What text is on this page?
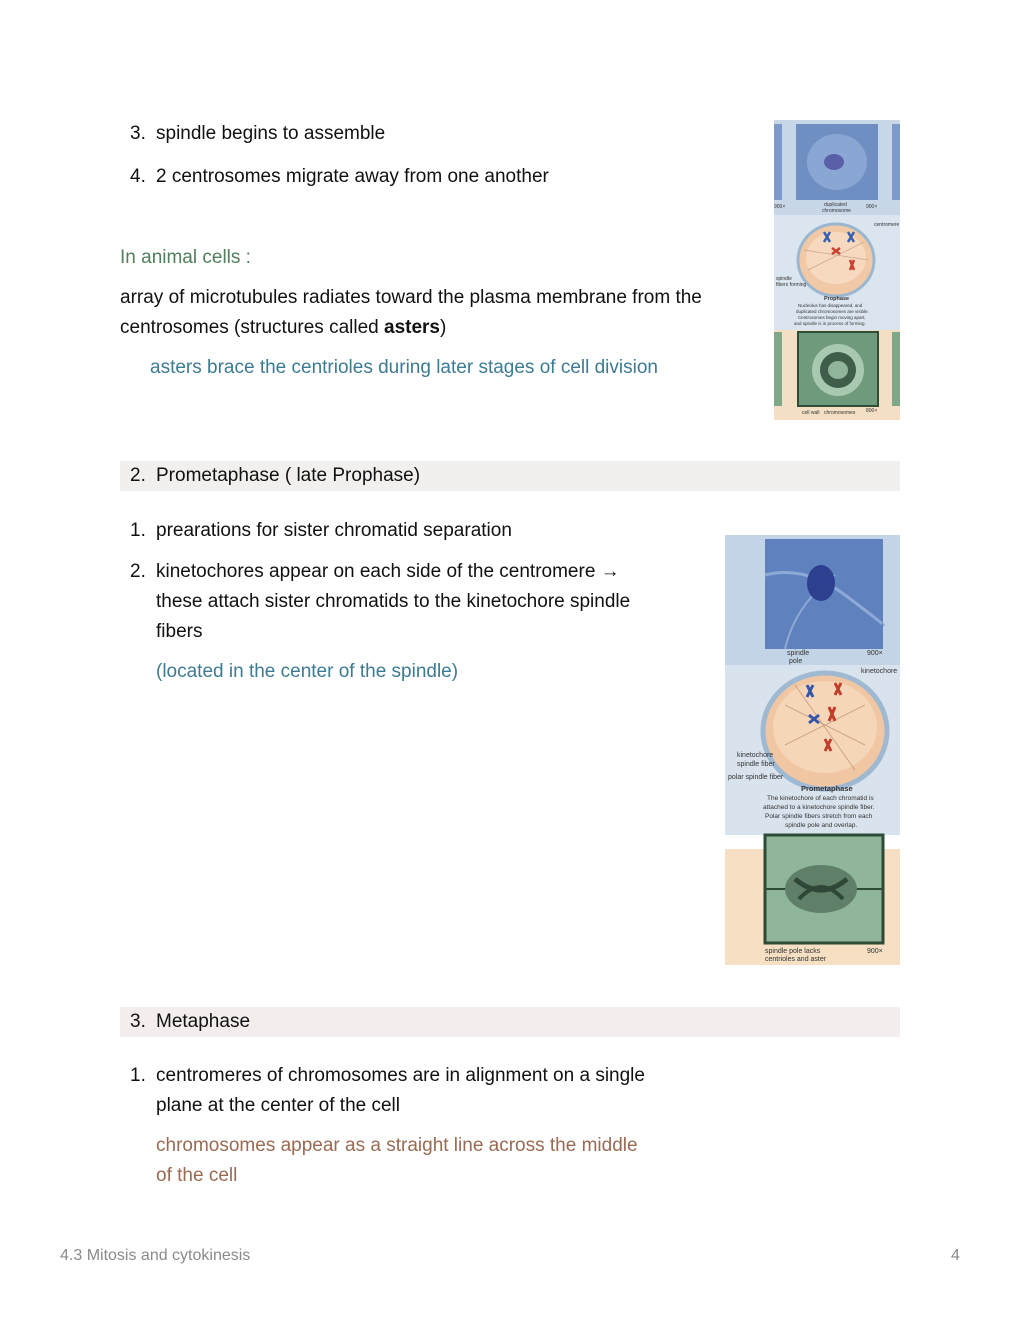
3. spindle begins to assemble
4. 2 centrosomes migrate away from one another
In animal cells :
array of microtubules radiates toward the plasma membrane from the
centrosomes (structures called asters)
asters brace the centrioles during later stages of cell division
900×	duplicated
chromosome
900×
centromere
spindle
fibers forming
Prophase
Nucleolus has disappeared, and
duplicated chromosomes are visible.
Centrosomes begin moving apart,
and spindle is in process of forming.
cell wall chromosomes 800×
2. Prometaphase ( late Prophase)
1. prearations for sister chromatid separation
2. kinetochores appear on each side of the centromere →
these attach sister chromatids to the kinetochore spindle
fibers
(located in the center of the spindle)
spindle
pole
900×
kinetochore
kinetochore
spindle fiber
polar spindle fiber
Prometaphase
The kinetochore of each chromatid is
attached to a kinetochore spindle fiber.
Polar spindle fibers stretch from each
spindle pole and overlap.
spindle pole lacks
centrioles and aster
900×
3. Metaphase
1. centromeres of chromosomes are in alignment on a single
plane at the center of the cell
chromosomes appear as a straight line across the middle
of the cell
4.3 Mitosis and cytokinesis	4
